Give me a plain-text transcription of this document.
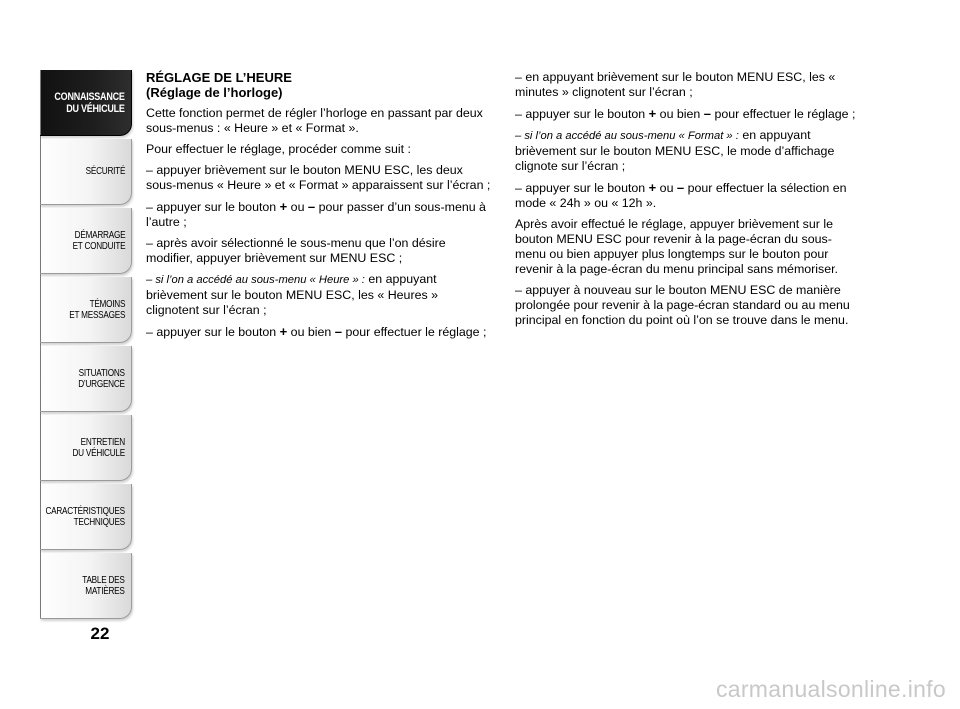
CONNAISSANCE
DU VÉHICULE
SÉCURITÉ
DÉMARRAGE
ET CONDUITE
TÉMOINS
ET MESSAGES
SITUATIONS
D’URGENCE
ENTRETIEN
DU VÉHICULE
CARACTÉRISTIQUES
TECHNIQUES
TABLE DES
MATIÈRES
22
RÉGLAGE DE L’HEURE
(Réglage de l’horloge)

Cette fonction permet de régler l’horloge en passant par deux sous-menus : « Heure » et « Format ».

Pour effectuer le réglage, procéder comme suit :

– appuyer brièvement sur le bouton MENU ESC, les deux sous-menus « Heure » et « Format » apparaissent sur l’écran ;

– appuyer sur le bouton + ou – pour passer d’un sous-menu à l’autre ;

– après avoir sélectionné le sous-menu que l’on désire modifier, appuyer brièvement sur MENU ESC ;

– si l’on a accédé au sous-menu « Heure » : en appuyant brièvement sur le bouton MENU ESC, les « Heures » clignotent sur l’écran ;

– appuyer sur le bouton + ou bien – pour effectuer le réglage ;

– en appuyant brièvement sur le bouton MENU ESC, les « minutes » clignotent sur l’écran ;

– appuyer sur le bouton + ou bien – pour effectuer le réglage ;

– si l’on a accédé au sous-menu « Format » : en appuyant brièvement sur le bouton MENU ESC, le mode d’affichage clignote sur l’écran ;

– appuyer sur le bouton + ou – pour effectuer la sélection en mode « 24h » ou « 12h ».

Après avoir effectué le réglage, appuyer brièvement sur le bouton MENU ESC pour revenir à la page-écran du sous-menu ou bien appuyer plus longtemps sur le bouton pour revenir à la page-écran du menu principal sans mémoriser.

– appuyer à nouveau sur le bouton MENU ESC de manière prolongée pour revenir à la page-écran standard ou au menu principal en fonction du point où l’on se trouve dans le menu.

carmanualsonline.info
